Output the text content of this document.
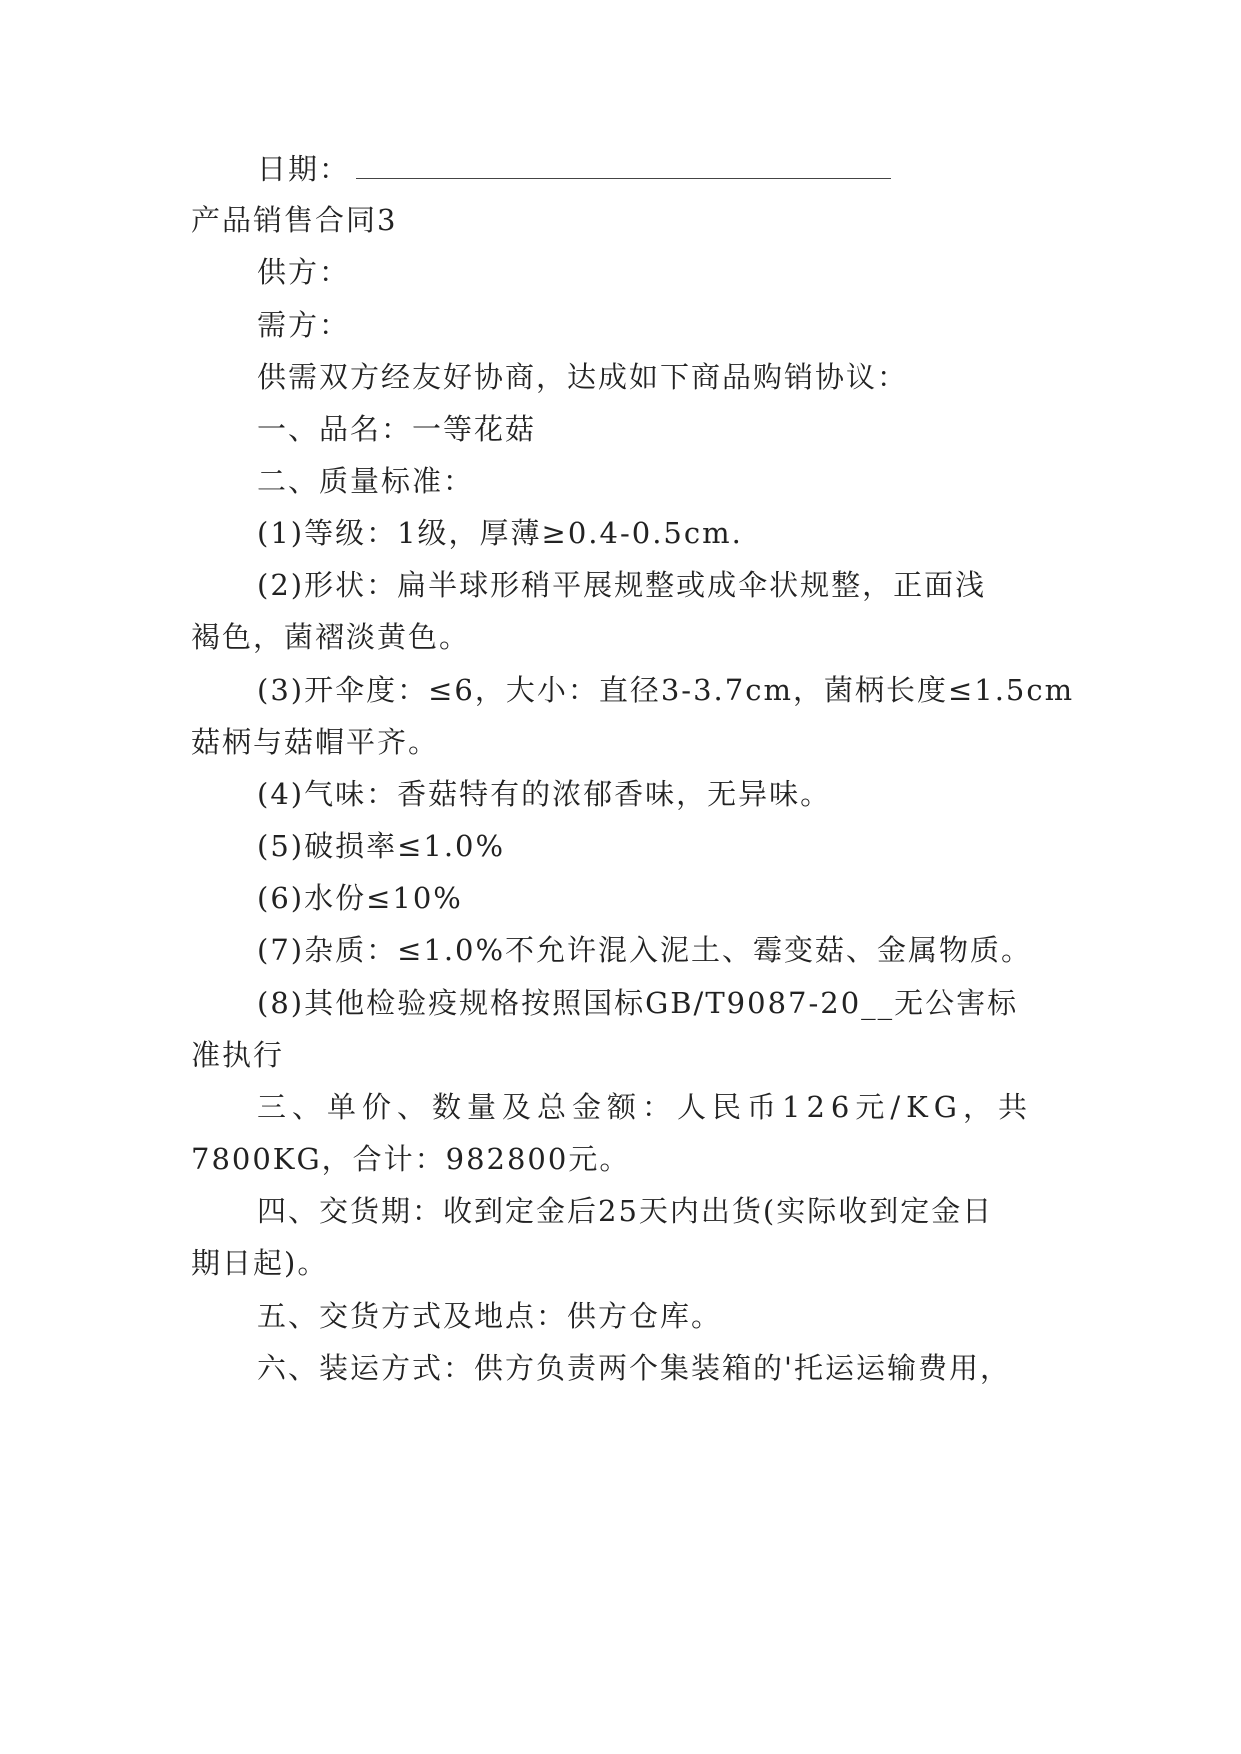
日期：
产品销售合同3
供方：
需方：
供需双方经友好协商，达成如下商品购销协议：
一、品名：一等花菇
二、质量标准：
(1)等级：1级，厚薄≥0.4-0.5cm.
(2)形状：扁半球形稍平展规整或成伞状规整，正面浅
褐色，菌褶淡黄色。
(3)开伞度：≤6，大小：直径3-3.7cm，菌柄长度≤1.5cm
菇柄与菇帽平齐。
(4)气味：香菇特有的浓郁香味，无异味。
(5)破损率≤1.0%
(6)水份≤10%
(7)杂质：≤1.0%不允许混入泥土、霉变菇、金属物质。
(8)其他检验疫规格按照国标GB/T9087-20__无公害标
准执行
三、单价、数量及总金额：人民币126元/KG，共
7800KG，合计：982800元。
四、交货期：收到定金后25天内出货(实际收到定金日
期日起)。
五、交货方式及地点：供方仓库。
六、装运方式：供方负责两个集装箱的'托运运输费用，
